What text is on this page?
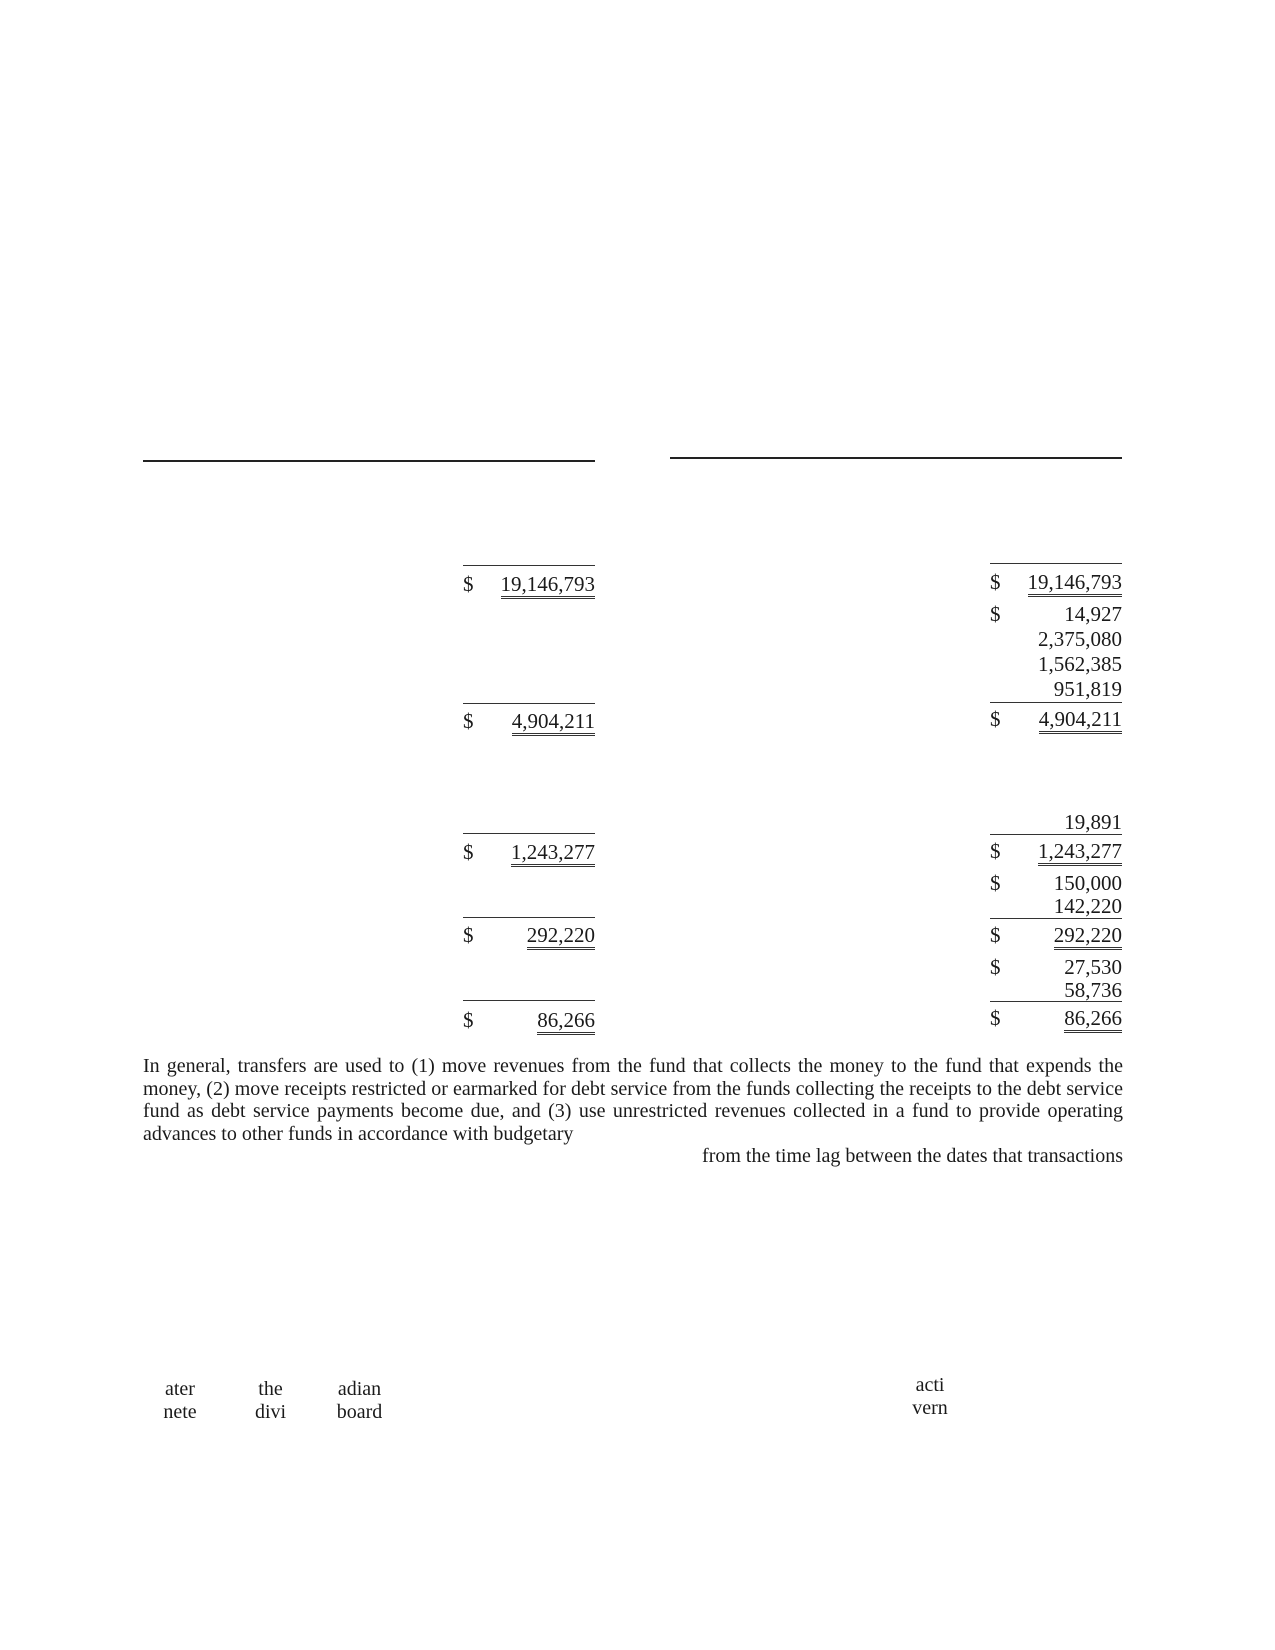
$	19,146,793
$	4,904,211
$	1,243,277
$	292,220
$	86,266
$	19,146,793
$	14,927
2,375,080
1,562,385
951,819
$	4,904,211
19,891
$	1,243,277
$	150,000
142,220
$	292,220
$	27,530
58,736
$	86,266
In general, transfers are used to (1) move revenues from the fund that collects the money to the fund that expends the money, (2) move receipts restricted or earmarked for debt service from the funds collecting the receipts to the debt service fund as debt service payments become due, and (3) use unrestricted revenues collected in a fund to provide operating advances to other funds in accordance with budgetary
from the time lag between the dates that transactions
ater
nete
the
divi
adian
board
acti
vern
